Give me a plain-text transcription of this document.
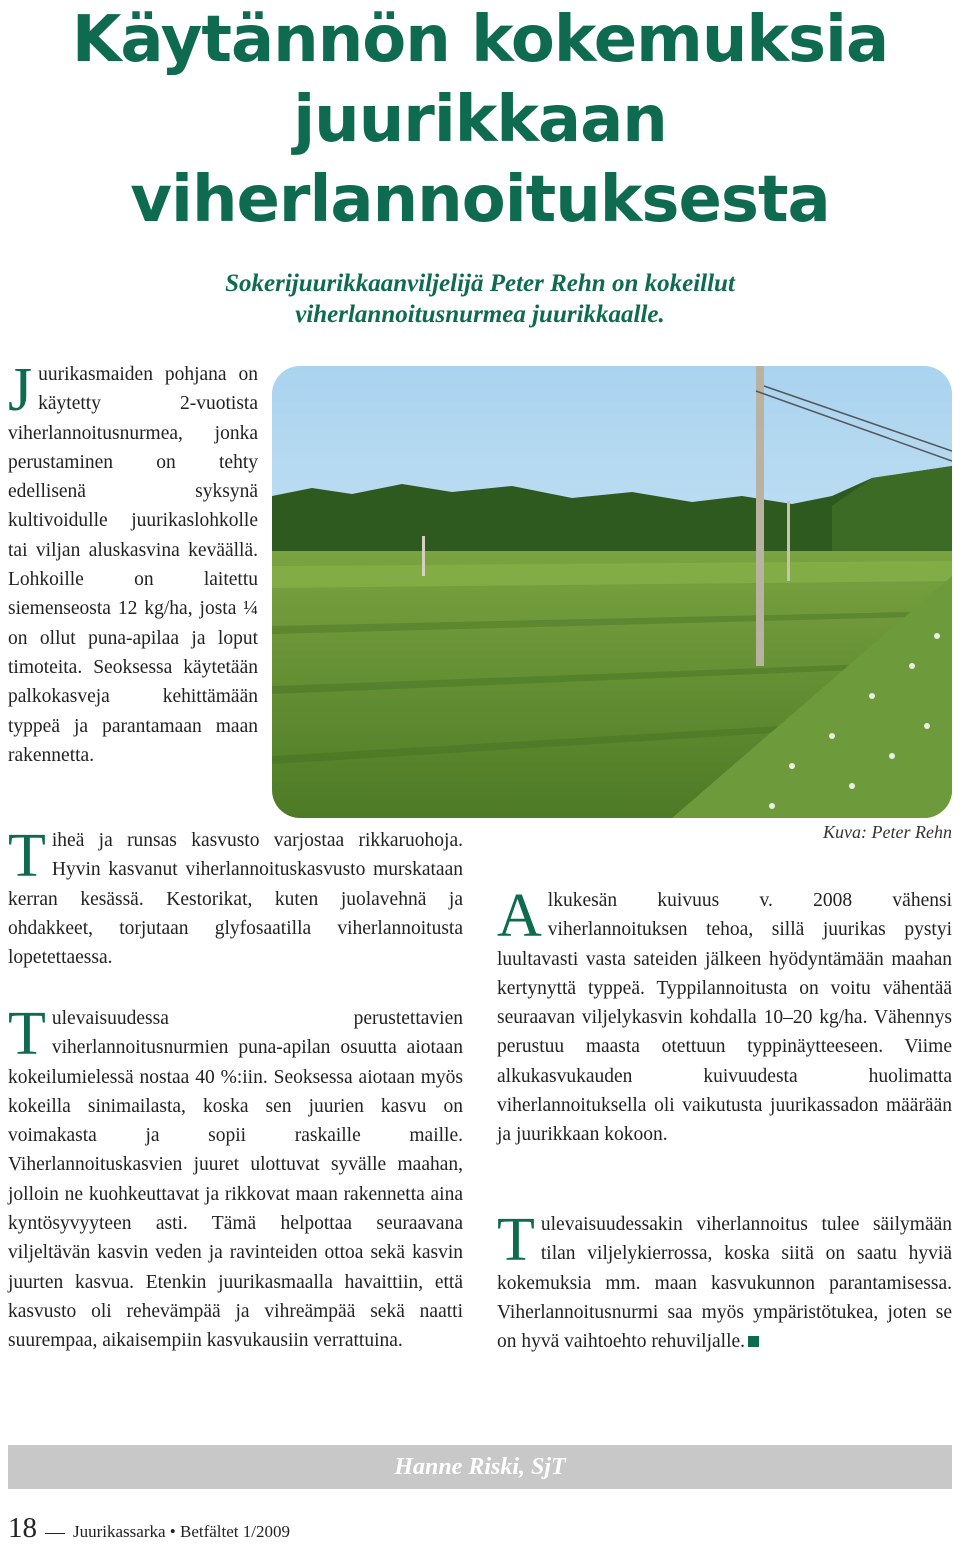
Käytännön kokemuksia
juurikkaan
viherlannoituksesta
Sokerijuurikkaanviljelijä Peter Rehn on kokeillut
viherlannoitusnurmea juurikkaalle.

Juurikasmaiden pohjana on käytetty 2-vuotista viherlannoitusnurmea, jonka perustaminen on tehty edellisenä syksynä kultivoidulle juurikaslohkolle tai viljan aluskasvina keväällä. Lohkoille on laitettu siemenseosta 12 kg/ha, josta ¼ on ollut puna-apilaa ja loput timoteita. Seoksessa käytetään palkokasveja kehittämään typpeä ja parantamaan maan rakennetta.

Kuva: Peter Rehn

Tiheä ja runsas kasvusto varjostaa rikkaruohoja. Hyvin kasvanut viherlannoituskasvusto murskataan kerran kesässä. Kestorikat, kuten juolavehnä ja ohdakkeet, torjutaan glyfosaatilla viherlannoitusta lopetettaessa.

Tulevaisuudessa perustettavien viherlannoitusnurmien puna-apilan osuutta aiotaan kokeilumielessä nostaa 40 %:iin. Seoksessa aiotaan myös kokeilla sinimailasta, koska sen juurien kasvu on voimakasta ja sopii raskaille maille. Viherlannoituskasvien juuret ulottuvat syvälle maahan, jolloin ne kuohkeuttavat ja rikkovat maan rakennetta aina kyntösyvyyteen asti. Tämä helpottaa seuraavana viljeltävän kasvin veden ja ravinteiden ottoa sekä kasvin juurten kasvua. Etenkin juurikasmaalla havaittiin, että kasvusto oli rehevämpää ja vihreämpää sekä naatti suurempaa, aikaisempiin kasvukausiin verrattuina.

Alkukesän kuivuus v. 2008 vähensi viherlannoituksen tehoa, sillä juurikas pystyi luultavasti vasta sateiden jälkeen hyödyntämään maahan kertynyttä typpeä. Typpilannoitusta on voitu vähentää seuraavan viljelykasvin kohdalla 10–20 kg/ha. Vähennys perustuu maasta otettuun typpinäytteeseen. Viime alkukasvukauden kuivuudesta huolimatta viherlannoituksella oli vaikutusta juurikassadon määrään ja juurikkaan kokoon.

Tulevaisuudessakin viherlannoitus tulee säilymään tilan viljelykierrossa, koska siitä on saatu hyviä kokemuksia mm. maan kasvukunnon parantamisessa. Viherlannoitusnurmi saa myös ympäristötukea, joten se on hyvä vaihtoehto rehuviljalle.

Hanne Riski, SjT
18 Juurikassarka • Betfältet 1/2009
